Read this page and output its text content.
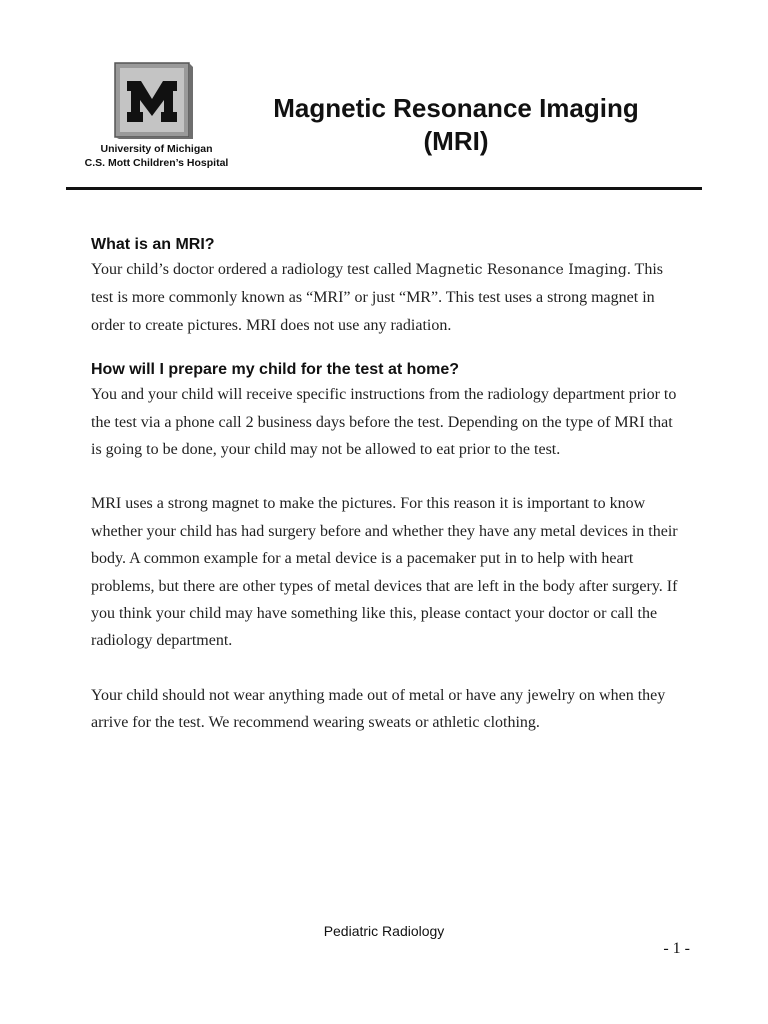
University of Michigan
C.S. Mott Children’s Hospital
Magnetic Resonance Imaging
(MRI)
What is an MRI?

Your child’s doctor ordered a radiology test called Magnetic Resonance Imaging. This test is more commonly known as “MRI” or just “MR”. This test uses a strong magnet in order to create pictures. MRI does not use any radiation.

How will I prepare my child for the test at home?

You and your child will receive specific instructions from the radiology department prior to the test via a phone call 2 business days before the test. Depending on the type of MRI that is going to be done, your child may not be allowed to eat prior to the test.

MRI uses a strong magnet to make the pictures. For this reason it is important to know whether your child has had surgery before and whether they have any metal devices in their body. A common example for a metal device is a pacemaker put in to help with heart problems, but there are other types of metal devices that are left in the body after surgery. If you think your child may have something like this, please contact your doctor or call the radiology department.

Your child should not wear anything made out of metal or have any jewelry on when they arrive for the test. We recommend wearing sweats or athletic clothing.

Pediatric Radiology
- 1 -
